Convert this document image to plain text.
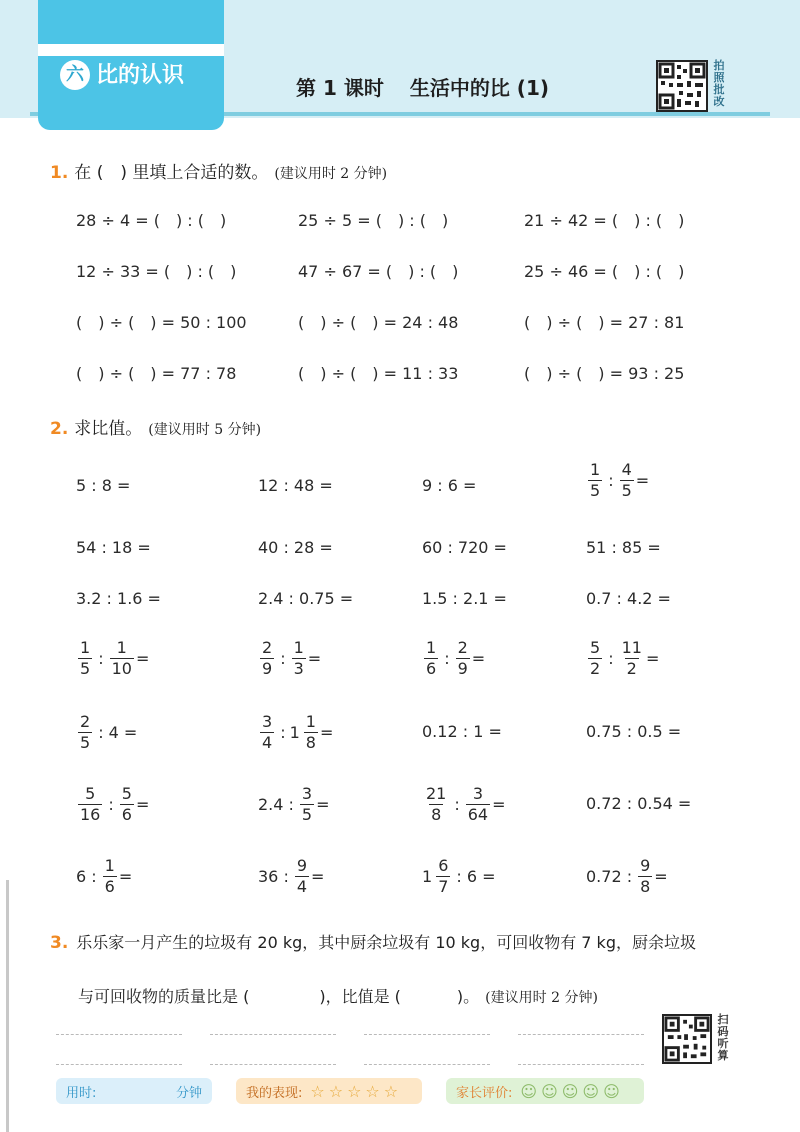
六 比的认识	第 1 课时 生活中的比 (1)
拍照批改
1. 在 (　) 里填上合适的数。 (建议用时 2 分钟)
28 ÷ 4 = (　) : (　)	25 ÷ 5 = (　) : (　)	21 ÷ 42 = (　) : (　)
12 ÷ 33 = (　) : (　)	47 ÷ 67 = (　) : (　)	25 ÷ 46 = (　) : (　)
(　) ÷ (　) = 50 : 100	(　) ÷ (　) = 24 : 48	(　) ÷ (　) = 27 : 81
(　) ÷ (　) = 77 : 78	(　) ÷ (　) = 11 : 33	(　) ÷ (　) = 93 : 25
2. 求比值。 (建议用时 5 分钟)
5 : 8 =	12 : 48 =	9 : 6 =	$\frac{1}{5}$ : $\frac{4}{5}$ =
54 : 18 =	40 : 28 =	60 : 720 =	51 : 85 =
3.2 : 1.6 =	2.4 : 0.75 =	1.5 : 2.1 =	0.7 : 4.2 =
$\frac{1}{5}$ : $\frac{1}{10}$ =	$\frac{2}{9}$ : $\frac{1}{3}$ =	$\frac{1}{6}$ : $\frac{2}{9}$ =	$\frac{5}{2}$ : $\frac{11}{2}$ =
$\frac{2}{5}$ : 4 =	$\frac{3}{4}$ : $1 \frac{1}{8}$ =	0.12 : 1 =	0.75 : 0.5 =
$\frac{5}{16}$ : $\frac{5}{6}$ =	2.4 : $\frac{3}{5}$ =	$\frac{21}{8}$ : $\frac{3}{64}$ =	0.72 : 0.54 =
6 : $\frac{1}{6}$ =	36 : $\frac{9}{4}$ =	$1 \frac{6}{7}$ : 6 =	0.72 : $\frac{9}{8}$ =
3. 乐乐家一月产生的垃圾有 20 kg，其中厨余垃圾有 10 kg，可回收物有 7 kg，厨余垃圾
与可回收物的质量比是 (	)，比值是 (	)。 (建议用时 2 分钟)
扫码听算
用时:	分钟	我的表现: ☆☆☆☆☆	家长评价: ☺☺☺☺☺
